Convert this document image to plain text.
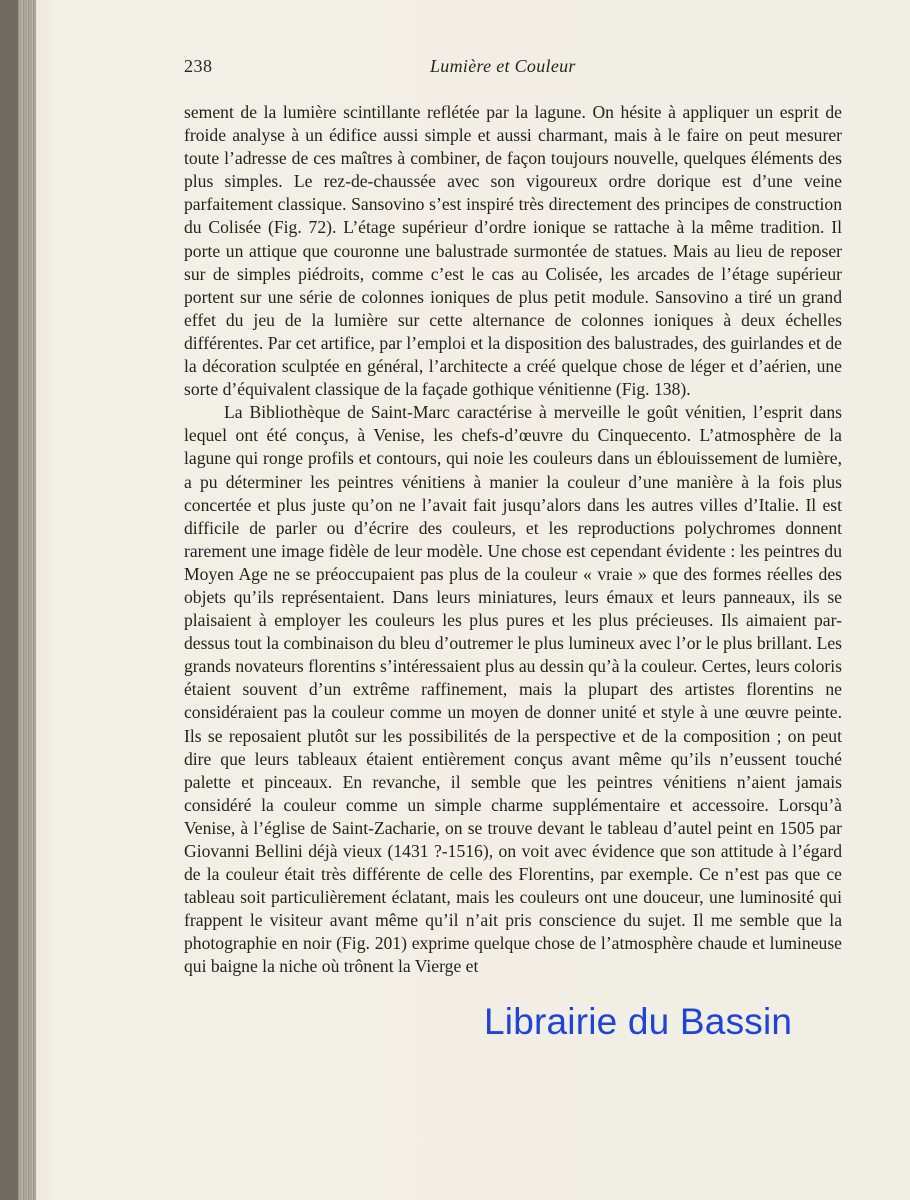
238	Lumière et Couleur

sement de la lumière scintillante reflétée par la lagune. On hésite à appliquer un esprit de froide analyse à un édifice aussi simple et aussi charmant, mais à le faire on peut mesurer toute l’adresse de ces maîtres à combiner, de façon toujours nouvelle, quelques éléments des plus simples. Le rez-de-chaussée avec son vigoureux ordre dorique est d’une veine parfaitement classique. Sansovino s’est inspiré très directement des principes de construction du Colisée (Fig. 72). L’étage supérieur d’ordre ionique se rattache à la même tradition. Il porte un attique que couronne une balustrade surmontée de statues. Mais au lieu de reposer sur de simples piédroits, comme c’est le cas au Colisée, les arcades de l’étage supérieur portent sur une série de colonnes ioniques de plus petit module. Sansovino a tiré un grand effet du jeu de la lumière sur cette alternance de colonnes ioniques à deux échelles différentes. Par cet artifice, par l’emploi et la disposition des balustrades, des guirlandes et de la décoration sculptée en général, l’architecte a créé quelque chose de léger et d’aérien, une sorte d’équivalent classique de la façade gothique vénitienne (Fig. 138).

La Bibliothèque de Saint-Marc caractérise à merveille le goût vénitien, l’esprit dans lequel ont été conçus, à Venise, les chefs-d’œuvre du Cinquecento. L’atmosphère de la lagune qui ronge profils et contours, qui noie les couleurs dans un éblouissement de lumière, a pu déterminer les peintres vénitiens à manier la couleur d’une manière à la fois plus concertée et plus juste qu’on ne l’avait fait jusqu’alors dans les autres villes d’Italie. Il est difficile de parler ou d’écrire des couleurs, et les reproductions polychromes donnent rarement une image fidèle de leur modèle. Une chose est cependant évidente : les peintres du Moyen Age ne se préoccupaient pas plus de la couleur « vraie » que des formes réelles des objets qu’ils représentaient. Dans leurs miniatures, leurs émaux et leurs panneaux, ils se plaisaient à employer les couleurs les plus pures et les plus précieuses. Ils aimaient par-dessus tout la combinaison du bleu d’outremer le plus lumineux avec l’or le plus brillant. Les grands novateurs florentins s’intéressaient plus au dessin qu’à la couleur. Certes, leurs coloris étaient souvent d’un extrême raffinement, mais la plupart des artistes florentins ne considéraient pas la couleur comme un moyen de donner unité et style à une œuvre peinte. Ils se reposaient plutôt sur les possibilités de la perspective et de la composition ; on peut dire que leurs tableaux étaient entièrement conçus avant même qu’ils n’eussent touché palette et pinceaux. En revanche, il semble que les peintres vénitiens n’aient jamais considéré la couleur comme un simple charme supplémentaire et accessoire. Lorsqu’à Venise, à l’église de Saint-Zacharie, on se trouve devant le tableau d’autel peint en 1505 par Giovanni Bellini déjà vieux (1431 ?-1516), on voit avec évidence que son attitude à l’égard de la couleur était très différente de celle des Florentins, par exemple. Ce n’est pas que ce tableau soit particulièrement éclatant, mais les couleurs ont une douceur, une luminosité qui frappent le visiteur avant même qu’il n’ait pris conscience du sujet. Il me semble que la photographie en noir (Fig. 201) exprime quelque chose de l’atmosphère chaude et lumineuse qui baigne la niche où trônent la Vierge et

Librairie du Bassin
